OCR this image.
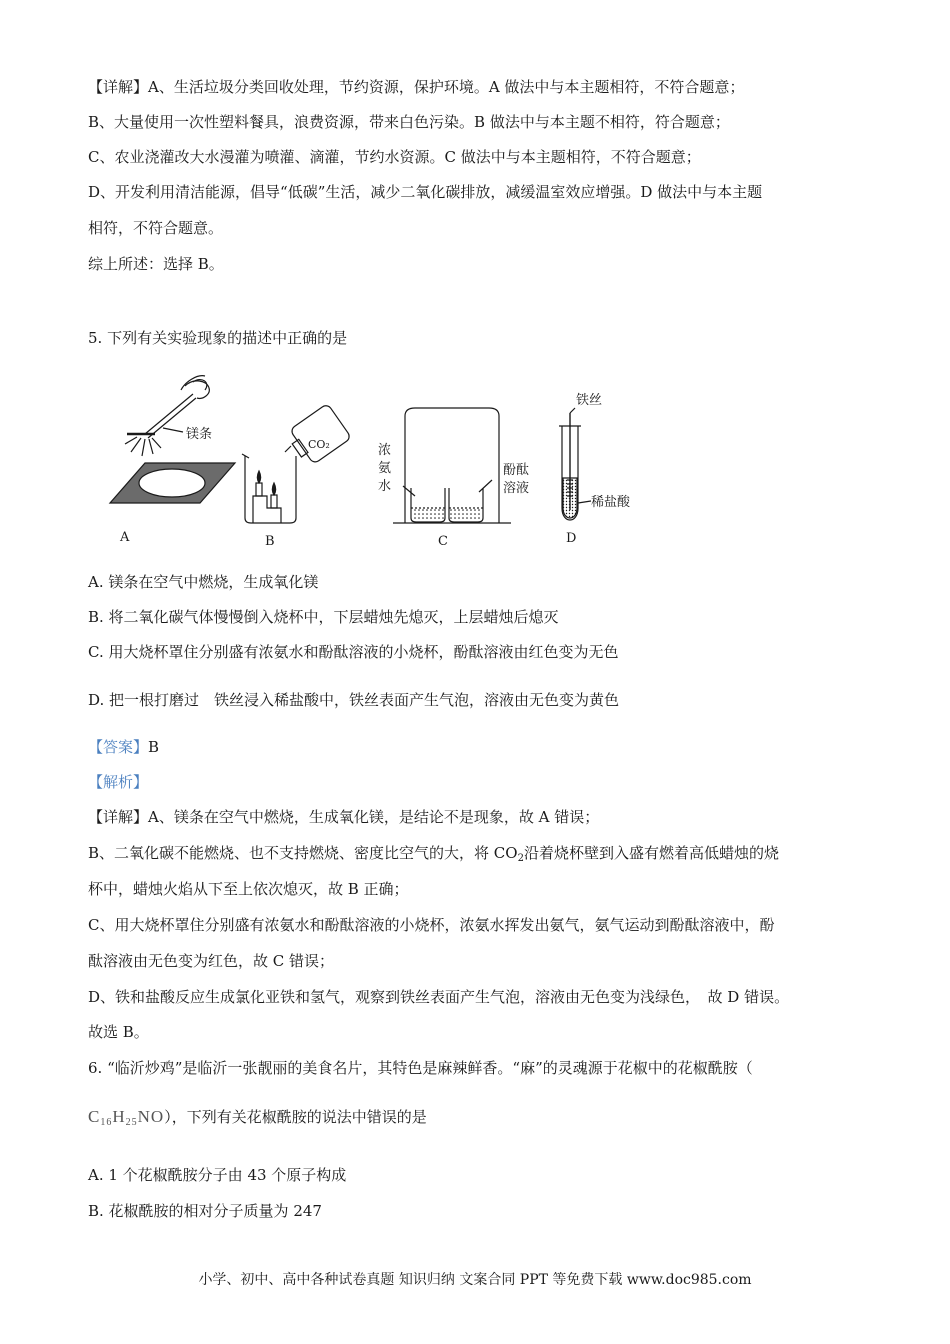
【详解】A、生活垃圾分类回收处理，节约资源，保护环境。A 做法中与本主题相符，不符合题意；
B、大量使用一次性塑料餐具，浪费资源，带来白色污染。B 做法中与本主题不相符，符合题意；
C、农业浇灌改大水漫灌为喷灌、滴灌，节约水资源。C 做法中与本主题相符，不符合题意；
D、开发利用清洁能源，倡导“低碳”生活，减少二氧化碳排放，减缓温室效应增强。D 做法中与本主题
相符，不符合题意。
综上所述：选择 B。
5. 下列有关实验现象的描述中正确的是
镁条
A
CO₂
B
浓
氨
水
酚酞
溶液
C
铁丝
稀盐酸
D
A. 镁条在空气中燃烧，生成氧化镁
B. 将二氧化碳气体慢慢倒入烧杯中，下层蜡烛先熄灭，上层蜡烛后熄灭
C. 用大烧杯罩住分别盛有浓氨水和酚酞溶液的小烧杯，酚酞溶液由红色变为无色
D. 把一根打磨过　铁丝浸入稀盐酸中，铁丝表面产生气泡，溶液由无色变为黄色
【答案】B
【解析】
【详解】A、镁条在空气中燃烧，生成氧化镁，是结论不是现象，故 A 错误；
B、二氧化碳不能燃烧、也不支持燃烧、密度比空气的大，将 $CO_2$沿着烧杯壁到入盛有燃着高低蜡烛的烧
杯中，蜡烛火焰从下至上依次熄灭，故 B 正确；
C、用大烧杯罩住分别盛有浓氨水和酚酞溶液的小烧杯，浓氨水挥发出氨气，氨气运动到酚酞溶液中，酚
酞溶液由无色变为红色，故 C 错误；
D、铁和盐酸反应生成氯化亚铁和氢气，观察到铁丝表面产生气泡，溶液由无色变为浅绿色，　故 D 错误。
故选 B。
6. “临沂炒鸡”是临沂一张靓丽的美食名片，其特色是麻辣鲜香。“麻”的灵魂源于花椒中的花椒酰胺（
$C_{16}H_{25}NO$），下列有关花椒酰胺的说法中错误的是
A. 1 个花椒酰胺分子由 43 个原子构成
B. 花椒酰胺的相对分子质量为 247
小学、初中、高中各种试卷真题 知识归纳 文案合同 PPT 等免费下载 www.doc985.com
